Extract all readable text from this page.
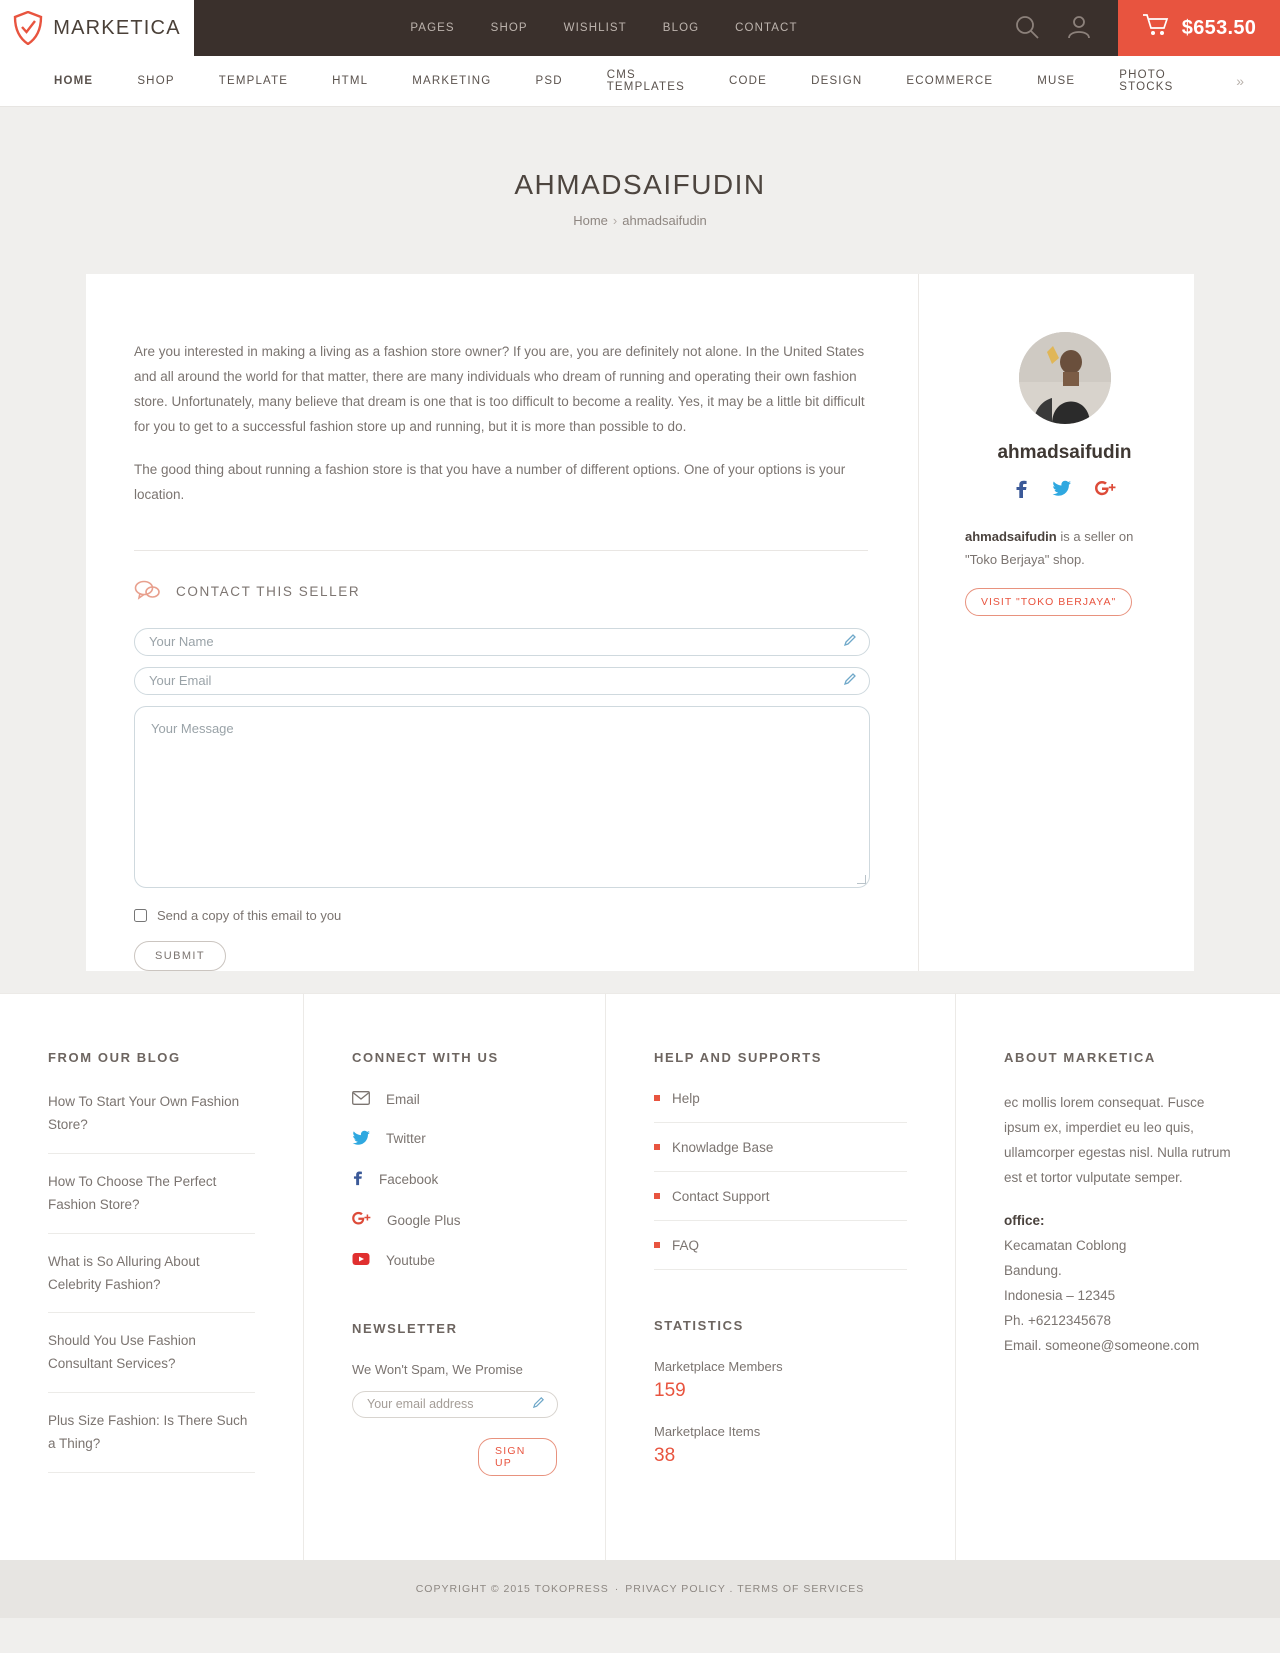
MARKETICA	PAGES	SHOP	WISHLIST	BLOG	CONTACT	$653.50
HOME	SHOP	TEMPLATE	HTML	MARKETING	PSD	CMS TEMPLATES	CODE	DESIGN	ECOMMERCE	MUSE	PHOTO STOCKS	»
AHMADSAIFUDIN
Home › ahmadsaifudin

Are you interested in making a living as a fashion store owner? If you are, you are definitely not alone. In the United States and all around the world for that matter, there are many individuals who dream of running and operating their own fashion store. Unfortunately, many believe that dream is one that is too difficult to become a reality. Yes, it may be a little bit difficult for you to get to a successful fashion store up and running, but it is more than possible to do.

The good thing about running a fashion store is that you have a number of different options. One of your options is your location.

CONTACT THIS SELLER
Your Name
Your Email
Your Message
Send a copy of this email to you
SUBMIT
ahmadsaifudin

ahmadsaifudin is a seller on "Toko Berjaya" shop.

VISIT "TOKO BERJAYA"
FROM OUR BLOG
How To Start Your Own Fashion Store?
How To Choose The Perfect Fashion Store?
What is So Alluring About Celebrity Fashion?
Should You Use Fashion Consultant Services?
Plus Size Fashion: Is There Such a Thing?
CONNECT WITH US
Email
Twitter
Facebook
Google Plus
Youtube
NEWSLETTER

We Won't Spam, We Promise

Your email address
SIGN UP
HELP AND SUPPORTS
Help
Knowladge Base
Contact Support
FAQ
STATISTICS
Marketplace Members
159
Marketplace Items
38
ABOUT MARKETICA

ec mollis lorem consequat. Fusce ipsum ex, imperdiet eu leo quis, ullamcorper egestas nisl. Nulla rutrum est et tortor vulputate semper.

office:
Kecamatan Coblong
Bandung.
Indonesia – 12345
Ph. +6212345678
Email. someone@someone.com
COPYRIGHT © 2015 TOKOPRESS · PRIVACY POLICY . TERMS OF SERVICES
